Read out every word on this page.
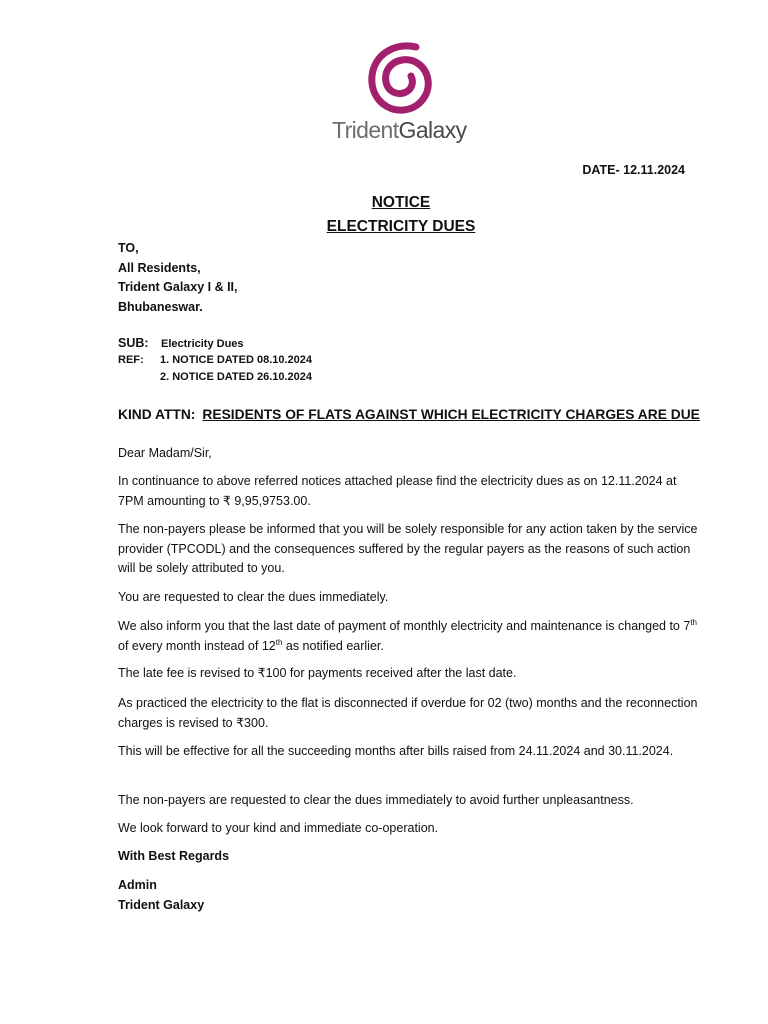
TridentGalaxy
DATE- 12.11.2024
NOTICE
ELECTRICITY DUES
TO,
All Residents,
Trident Galaxy I & II,
Bhubaneswar.
SUB: Electricity Dues
REF: 1. NOTICE DATED 08.10.2024
2. NOTICE DATED 26.10.2024
KIND ATTN: RESIDENTS OF FLATS AGAINST WHICH ELECTRICITY CHARGES ARE DUE
Dear Madam/Sir,
In continuance to above referred notices attached please find the electricity dues as on 12.11.2024 at 7PM amounting to ₹ 9,95,9753.00.
The non-payers please be informed that you will be solely responsible for any action taken by the service provider (TPCODL) and the consequences suffered by the regular payers as the reasons of such action will be solely attributed to you.
You are requested to clear the dues immediately.
We also inform you that the last date of payment of monthly electricity and maintenance is changed to 7th of every month instead of 12th as notified earlier.
The late fee is revised to ₹100 for payments received after the last date.
As practiced the electricity to the flat is disconnected if overdue for 02 (two) months and the reconnection charges is revised to ₹300.
This will be effective for all the succeeding months after bills raised from 24.11.2024 and 30.11.2024.
The non-payers are requested to clear the dues immediately to avoid further unpleasantness.
We look forward to your kind and immediate co-operation.
With Best Regards
Admin
Trident Galaxy
